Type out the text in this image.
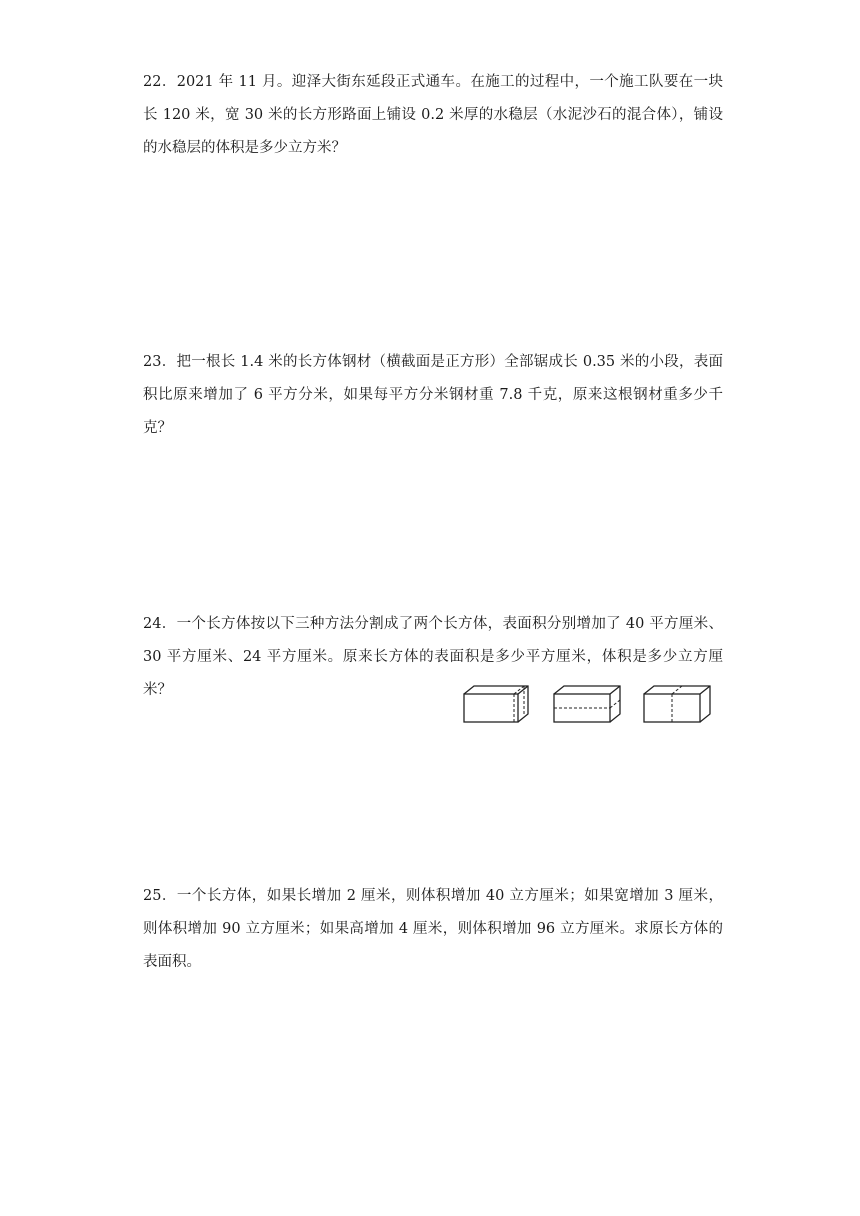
22．2021 年 11 月。迎泽大街东延段正式通车。在施工的过程中，一个施工队要在一块
长 120 米，宽 30 米的长方形路面上铺设 0.2 米厚的水稳层（水泥沙石的混合体），铺设
的水稳层的体积是多少立方米？
23．把一根长 1.4 米的长方体钢材（横截面是正方形）全部锯成长 0.35 米的小段，表面
积比原来增加了 6 平方分米，如果每平方分米钢材重 7.8 千克，原来这根钢材重多少千
克？
24．一个长方体按以下三种方法分割成了两个长方体，表面积分别增加了 40 平方厘米、
30 平方厘米、24 平方厘米。原来长方体的表面积是多少平方厘米，体积是多少立方厘
米？
25．一个长方体，如果长增加 2 厘米，则体积增加 40 立方厘米；如果宽增加 3 厘米，
则体积增加 90 立方厘米；如果高增加 4 厘米，则体积增加 96 立方厘米。求原长方体的
表面积。
